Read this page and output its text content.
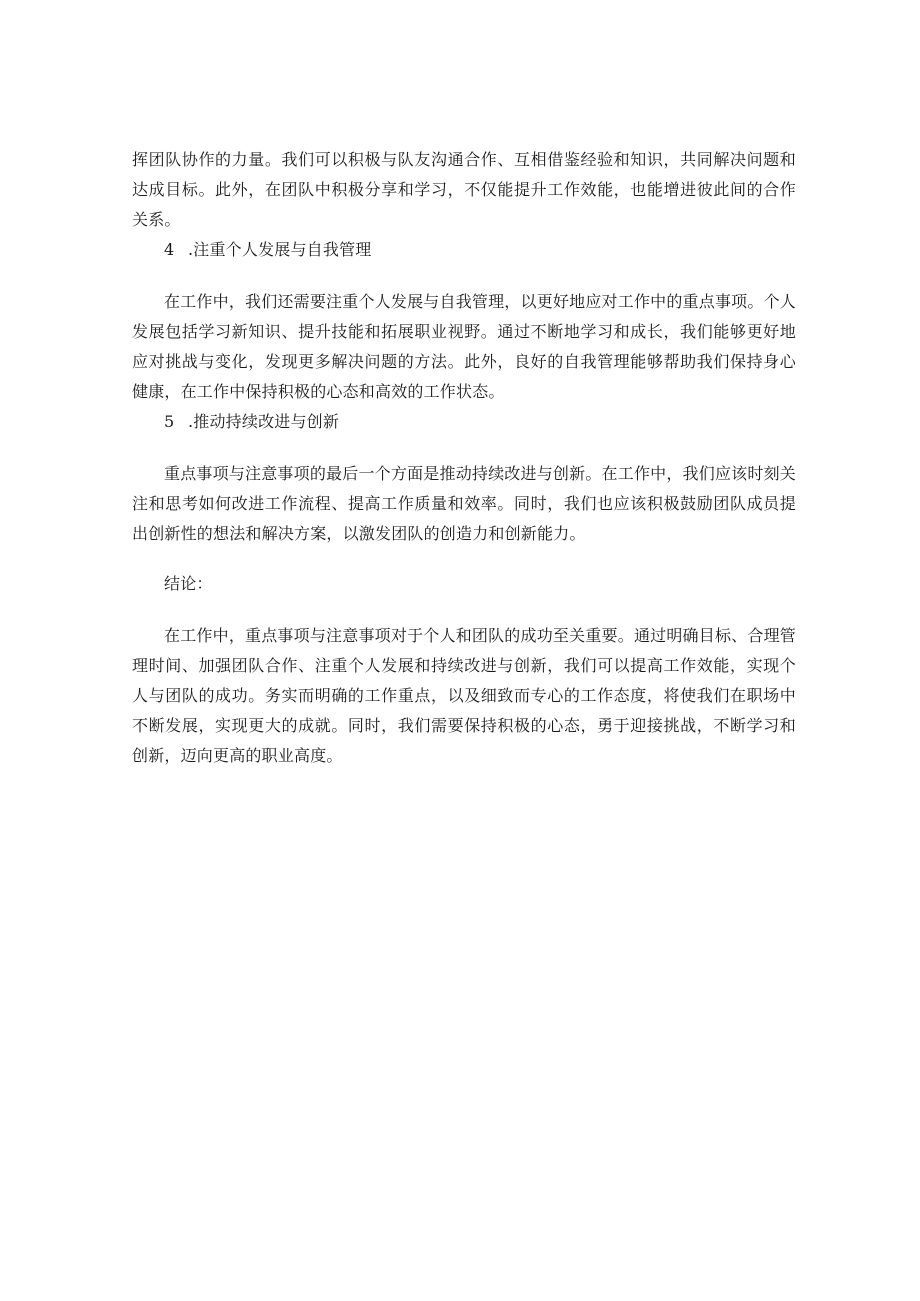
挥团队协作的力量。我们可以积极与队友沟通合作、互相借鉴经验和知识，共同解决问题和达成目标。此外，在团队中积极分享和学习，不仅能提升工作效能，也能增进彼此间的合作关系。

4 .注重个人发展与自我管理

在工作中，我们还需要注重个人发展与自我管理，以更好地应对工作中的重点事项。个人发展包括学习新知识、提升技能和拓展职业视野。通过不断地学习和成长，我们能够更好地应对挑战与变化，发现更多解决问题的方法。此外，良好的自我管理能够帮助我们保持身心健康，在工作中保持积极的心态和高效的工作状态。

5 .推动持续改进与创新

重点事项与注意事项的最后一个方面是推动持续改进与创新。在工作中，我们应该时刻关注和思考如何改进工作流程、提高工作质量和效率。同时，我们也应该积极鼓励团队成员提出创新性的想法和解决方案，以激发团队的创造力和创新能力。

结论：

在工作中，重点事项与注意事项对于个人和团队的成功至关重要。通过明确目标、合理管理时间、加强团队合作、注重个人发展和持续改进与创新，我们可以提高工作效能，实现个人与团队的成功。务实而明确的工作重点，以及细致而专心的工作态度，将使我们在职场中不断发展，实现更大的成就。同时，我们需要保持积极的心态，勇于迎接挑战，不断学习和创新，迈向更高的职业高度。
